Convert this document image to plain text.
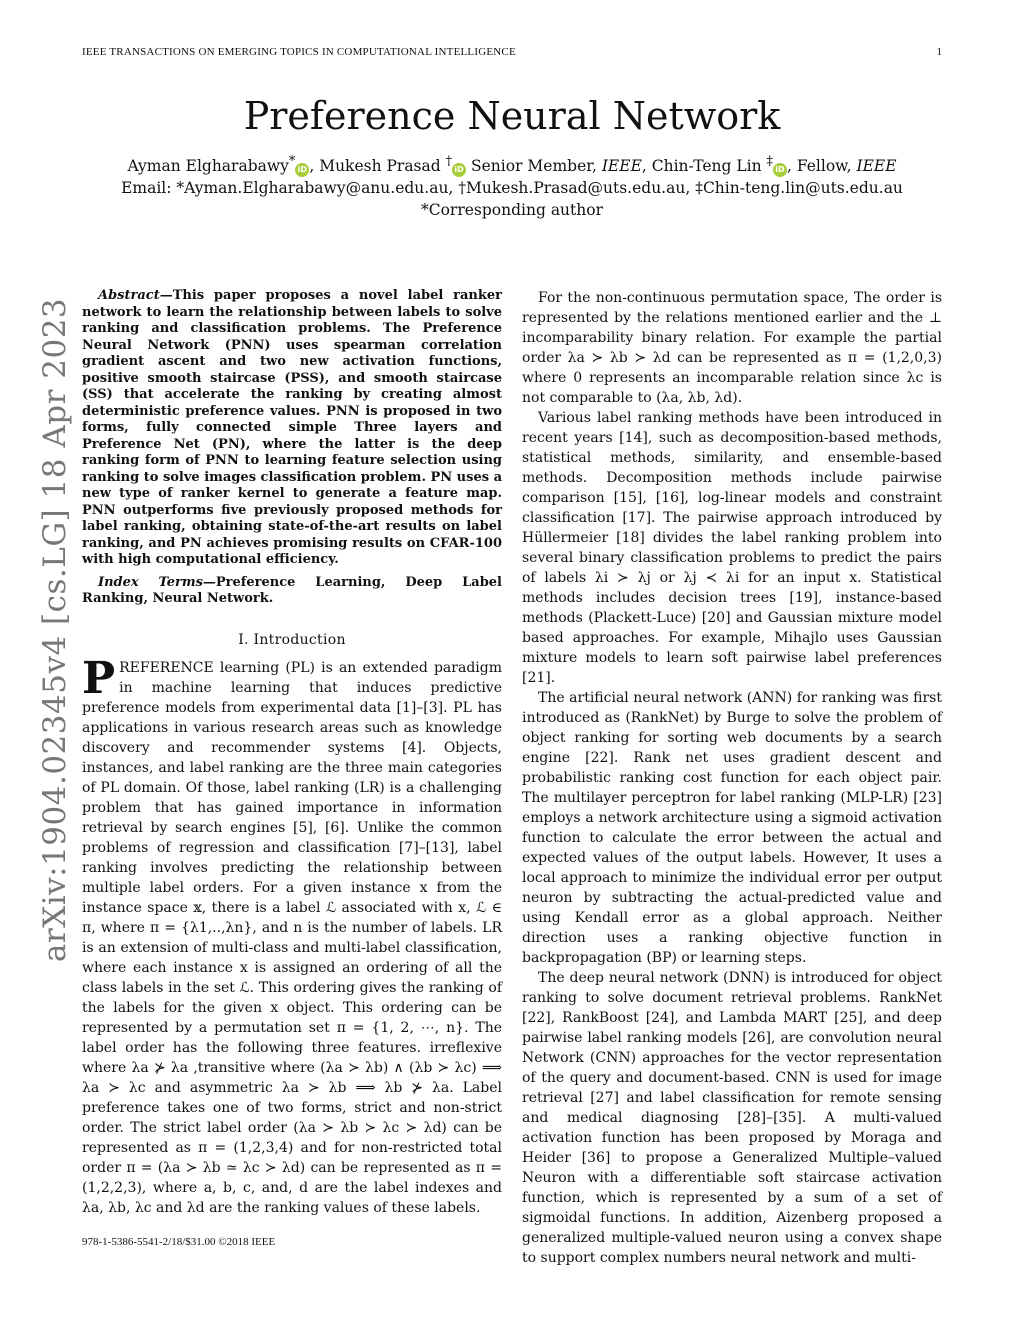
IEEE TRANSACTIONS ON EMERGING TOPICS IN COMPUTATIONAL INTELLIGENCE	1
Preference Neural Network
Ayman Elgharabawy*iD , Mukesh Prasad †iD Senior Member, IEEE, Chin-Teng Lin ‡iD , Fellow, IEEE
Email: *Ayman.Elgharabawy@anu.edu.au, †Mukesh.Prasad@uts.edu.au, ‡Chin-teng.lin@uts.edu.au
*Corresponding author
arXiv:1904.02345v4 [cs.LG] 18 Apr 2023

Abstract—This paper proposes a novel label ranker network to learn the relationship between labels to solve ranking and classification problems. The Preference Neural Network (PNN) uses spearman correlation gradient ascent and two new activation functions, positive smooth staircase (PSS), and smooth staircase (SS) that accelerate the ranking by creating almost deterministic preference values. PNN is proposed in two forms, fully connected simple Three layers and Preference Net (PN), where the latter is the deep ranking form of PNN to learning feature selection using ranking to solve images classification problem. PN uses a new type of ranker kernel to generate a feature map. PNN outperforms five previously proposed methods for label ranking, obtaining state-of-the-art results on label ranking, and PN achieves promising results on CFAR-100 with high computational efficiency.

Index Terms—Preference Learning, Deep Label Ranking, Neural Network.

I. Introduction

PREFERENCE learning (PL) is an extended paradigm in machine learning that induces predictive preference models from experimental data [1]–[3]. PL has applications in various research areas such as knowledge discovery and recommender systems [4]. Objects, instances, and label ranking are the three main categories of PL domain. Of those, label ranking (LR) is a challenging problem that has gained importance in information retrieval by search engines [5], [6]. Unlike the common problems of regression and classification [7]–[13], label ranking involves predicting the relationship between multiple label orders. For a given instance x from the instance space 𝕩, there is a label ℒ associated with x, ℒ ∈ π, where π = {λ1,..,λn}, and n is the number of labels. LR is an extension of multi-class and multi-label classification, where each instance x is assigned an ordering of all the class labels in the set ℒ. This ordering gives the ranking of the labels for the given x object. This ordering can be represented by a permutation set π = {1, 2, ⋯, n}. The label order has the following three features. irreflexive where λa ⊁ λa ,transitive where (λa ≻ λb) ∧ (λb ≻ λc) ⟹ λa ≻ λc and asymmetric λa ≻ λb ⟹ λb ⊁ λa. Label preference takes one of two forms, strict and non-strict order. The strict label order (λa ≻ λb ≻ λc ≻ λd) can be represented as π = (1,2,3,4) and for non-restricted total order π = (λa ≻ λb ≃ λc ≻ λd) can be represented as π = (1,2,2,3), where a, b, c, and, d are the label indexes and λa, λb, λc and λd are the ranking values of these labels.

For the non-continuous permutation space, The order is represented by the relations mentioned earlier and the ⊥ incomparability binary relation. For example the partial order λa ≻ λb ≻ λd can be represented as π = (1,2,0,3) where 0 represents an incomparable relation since λc is not comparable to (λa, λb, λd).

Various label ranking methods have been introduced in recent years [14], such as decomposition-based methods, statistical methods, similarity, and ensemble-based methods. Decomposition methods include pairwise comparison [15], [16], log-linear models and constraint classification [17]. The pairwise approach introduced by Hüllermeier [18] divides the label ranking problem into several binary classification problems to predict the pairs of labels λi ≻ λj or λj ≺ λi for an input x. Statistical methods includes decision trees [19], instance-based methods (Plackett-Luce) [20] and Gaussian mixture model based approaches. For example, Mihajlo uses Gaussian mixture models to learn soft pairwise label preferences [21].

The artificial neural network (ANN) for ranking was first introduced as (RankNet) by Burge to solve the problem of object ranking for sorting web documents by a search engine [22]. Rank net uses gradient descent and probabilistic ranking cost function for each object pair. The multilayer perceptron for label ranking (MLP-LR) [23] employs a network architecture using a sigmoid activation function to calculate the error between the actual and expected values of the output labels. However, It uses a local approach to minimize the individual error per output neuron by subtracting the actual-predicted value and using Kendall error as a global approach. Neither direction uses a ranking objective function in backpropagation (BP) or learning steps.

The deep neural network (DNN) is introduced for object ranking to solve document retrieval problems. RankNet [22], RankBoost [24], and Lambda MART [25], and deep pairwise label ranking models [26], are convolution neural Network (CNN) approaches for the vector representation of the query and document-based. CNN is used for image retrieval [27] and label classification for remote sensing and medical diagnosing [28]–[35]. A multi-valued activation function has been proposed by Moraga and Heider [36] to propose a Generalized Multiple–valued Neuron with a differentiable soft staircase activation function, which is represented by a sum of a set of sigmoidal functions. In addition, Aizenberg proposed a generalized multiple-valued neuron using a convex shape to support complex numbers neural network and multi-

978-1-5386-5541-2/18/$31.00 ©2018 IEEE
